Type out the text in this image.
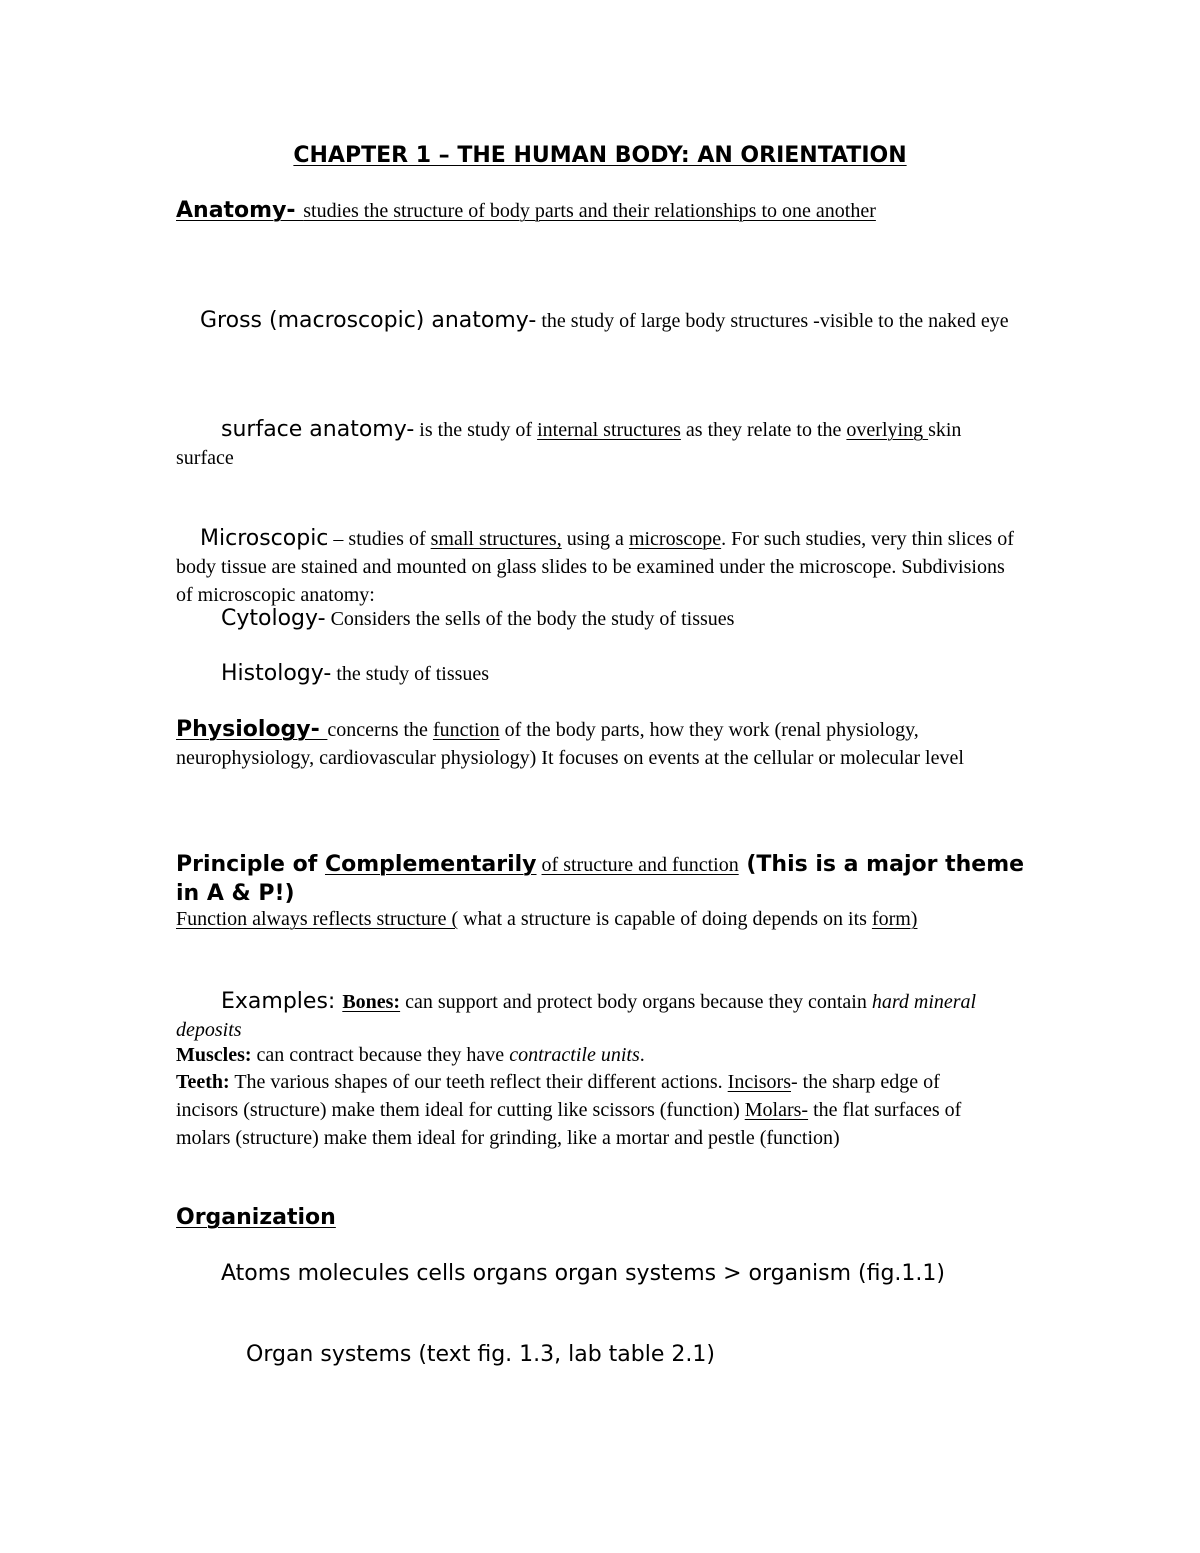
CHAPTER 1 – THE HUMAN BODY: AN ORIENTATION
Anatomy- studies the structure of body parts and their relationships to one another
Gross (macroscopic) anatomy- the study of large body structures -visible to the naked eye
surface anatomy- is the study of internal structures as they relate to the overlying skin surface
Microscopic – studies of small structures, using a microscope. For such studies, very thin slices of body tissue are stained and mounted on glass slides to be examined under the microscope. Subdivisions of microscopic anatomy:
Cytology- Considers the sells of the body the study of tissues
Histology- the study of tissues
Physiology- concerns the function of the body parts, how they work (renal physiology, neurophysiology, cardiovascular physiology) It focuses on events at the cellular or molecular level
Principle of Complementarily of structure and function (This is a major theme in A & P!)
Function always reflects structure ( what a structure is capable of doing depends on its form)
Examples: Bones: can support and protect body organs because they contain hard mineral deposits
Muscles: can contract because they have contractile units.
Teeth: The various shapes of our teeth reflect their different actions. Incisors- the sharp edge of incisors (structure) make them ideal for cutting like scissors (function) Molars- the flat surfaces of molars (structure) make them ideal for grinding, like a mortar and pestle (function)
Organization
Atoms molecules cells organs organ systems > organism (fig.1.1)
Organ systems (text fig. 1.3, lab table 2.1)
